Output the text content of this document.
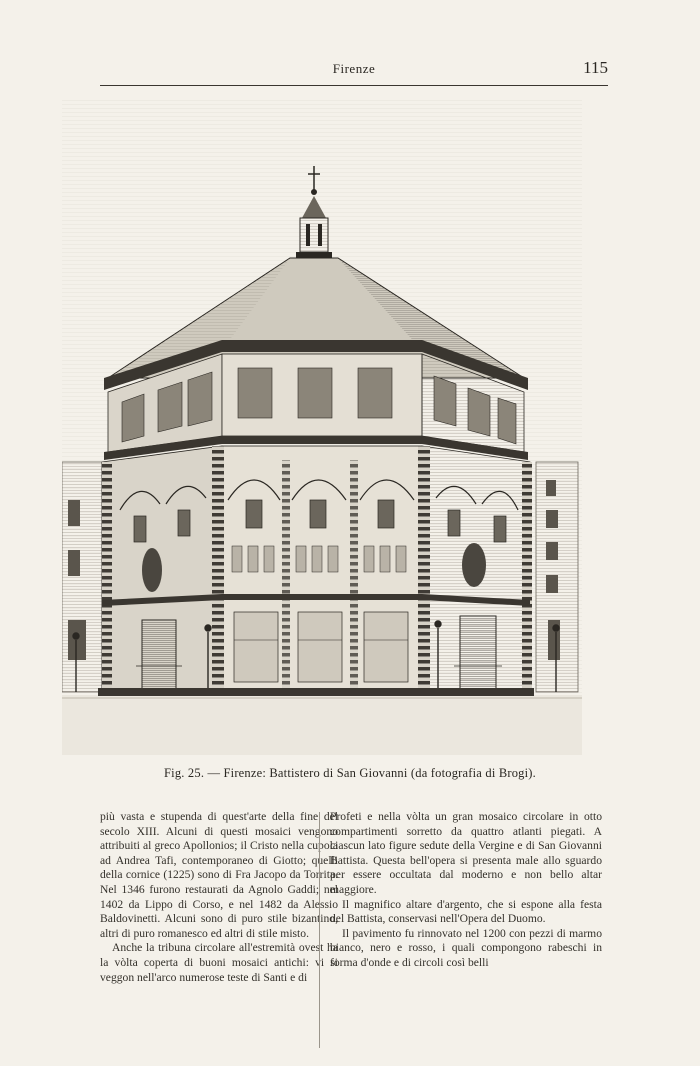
Firenze	115
Fig. 25. — Firenze: Battistero di San Giovanni (da fotografia di Brogi).

più vasta e stupenda di quest'arte della fine del secolo XIII. Alcuni di questi mosaici vengono attribuiti al greco Apollonios; il Cristo nella cupola ad Andrea Tafi, contemporaneo di Giotto; quelli della cornice (1225) sono di Fra Jacopo da Torrita. Nel 1346 furono restaurati da Agnolo Gaddi; nel 1402 da Lippo di Corso, e nel 1482 da Alessio Baldovinetti. Alcuni sono di puro stile bizantino, altri di puro romanesco ed altri di stile misto.

Anche la tribuna circolare all'estremità ovest ha la vòlta coperta di buoni mosaici antichi: vi si veggon nell'arco numerose teste di Santi e di

Profeti e nella vòlta un gran mosaico circolare in otto compartimenti sorretto da quattro atlanti piegati. A ciascun lato figure sedute della Vergine e di San Giovanni Battista. Questa bell'opera si presenta male allo sguardo per essere occultata dal moderno e non bello altar maggiore.

Il magnifico altare d'argento, che si espone alla festa del Battista, conservasi nell'Opera del Duomo.

Il pavimento fu rinnovato nel 1200 con pezzi di marmo bianco, nero e rosso, i quali compongono rabeschi in forma d'onde e di circoli così belli
